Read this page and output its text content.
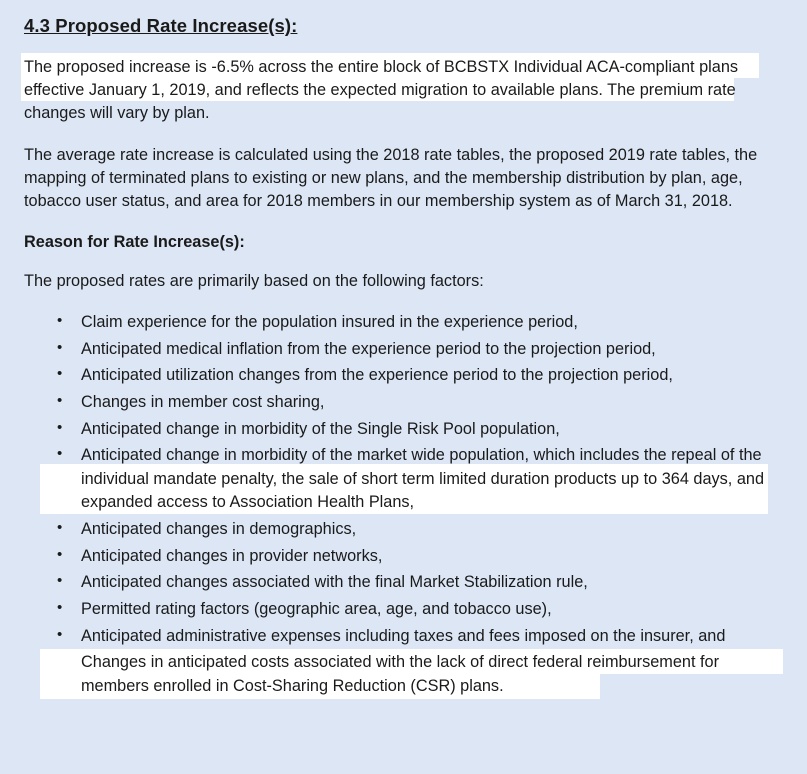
4.3 Proposed Rate Increase(s):
The proposed increase is -6.5% across the entire block of BCBSTX Individual ACA-compliant plans effective January 1, 2019, and reflects the expected migration to available plans. The premium rate changes will vary by plan.

The average rate increase is calculated using the 2018 rate tables, the proposed 2019 rate tables, the mapping of terminated plans to existing or new plans, and the membership distribution by plan, age, tobacco user status, and area for 2018 members in our membership system as of March 31, 2018.

Reason for Rate Increase(s):

The proposed rates are primarily based on the following factors:

• Claim experience for the population insured in the experience period,
• Anticipated medical inflation from the experience period to the projection period,
• Anticipated utilization changes from the experience period to the projection period,
• Changes in member cost sharing,
• Anticipated change in morbidity of the Single Risk Pool population,
• Anticipated change in morbidity of the market wide population, which includes the repeal of the individual mandate penalty, the sale of short term limited duration products up to 364 days, and expanded access to Association Health Plans,
• Anticipated changes in demographics,
• Anticipated changes in provider networks,
• Anticipated changes associated with the final Market Stabilization rule,
• Permitted rating factors (geographic area, age, and tobacco use),
• Anticipated administrative expenses including taxes and fees imposed on the insurer, and
• Changes in anticipated costs associated with the lack of direct federal reimbursement for members enrolled in Cost-Sharing Reduction (CSR) plans.
